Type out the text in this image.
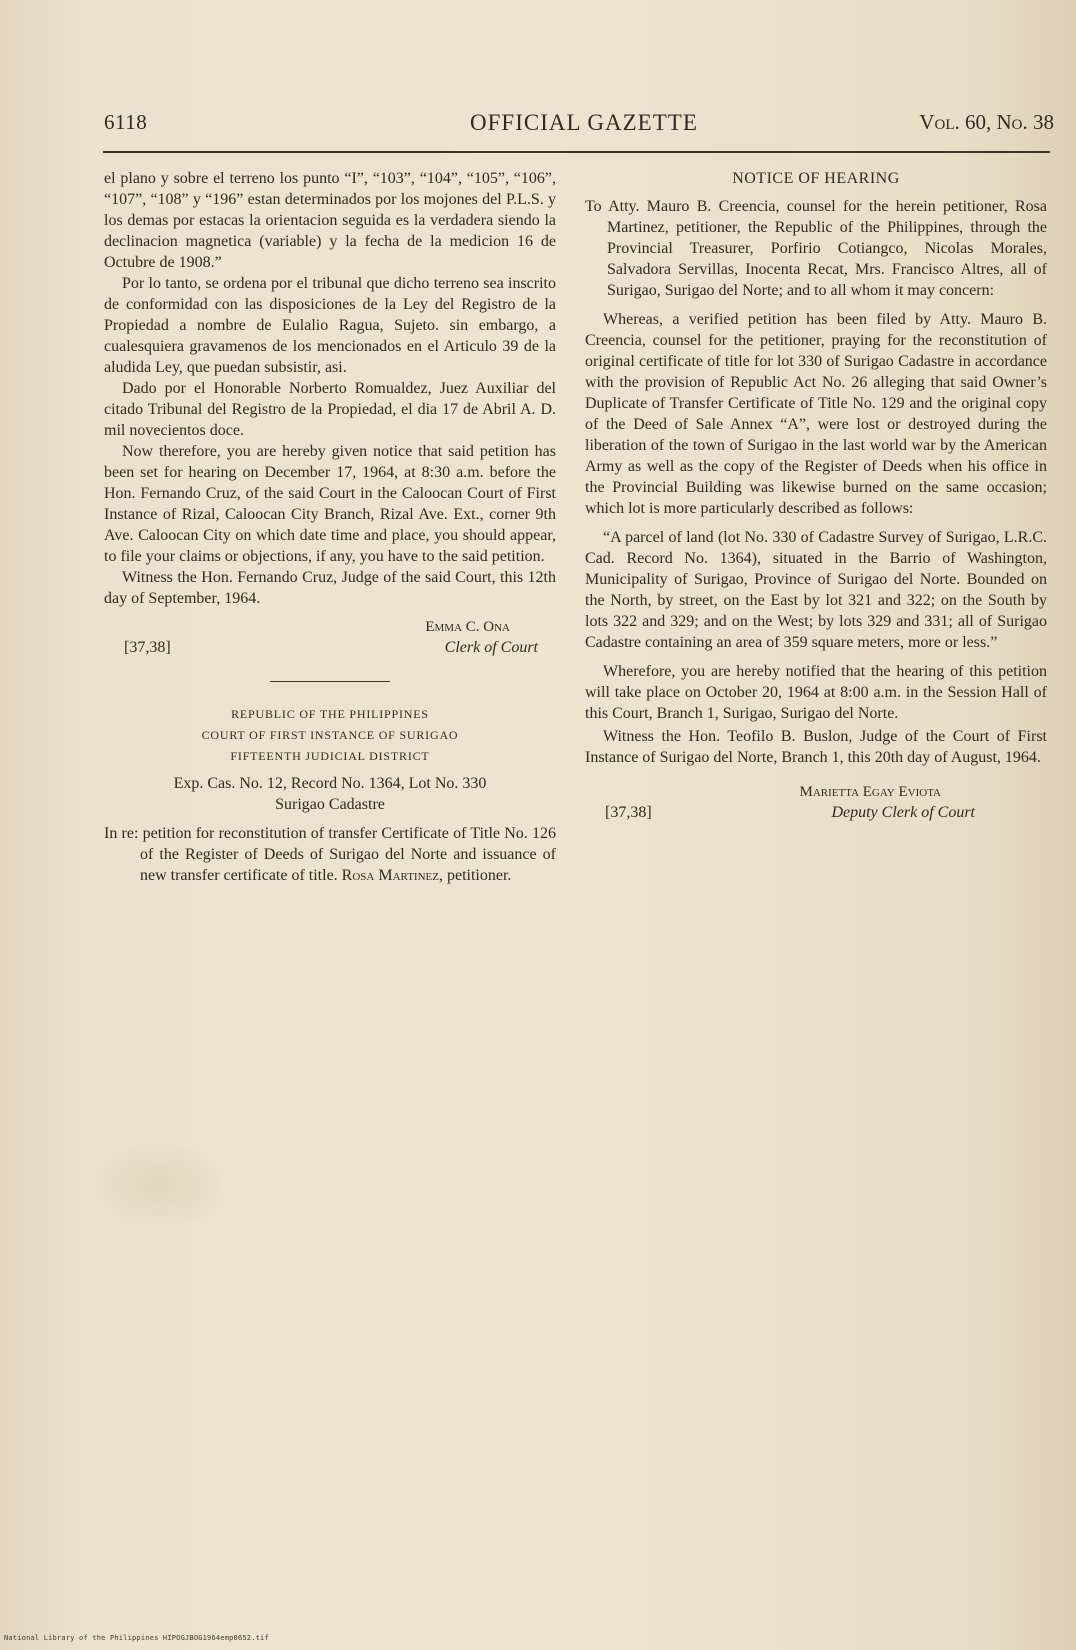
6118	OFFICIAL GAZETTE	Vol. 60, No. 38

el plano y sobre el terreno los punto “I”, “103”, “104”, “105”, “106”, “107”, “108” y “196” estan determinados por los mojones del P.L.S. y los demas por estacas la orientacion seguida es la verdadera siendo la declinacion magnetica (variable) y la fecha de la medicion 16 de Octubre de 1908.”

Por lo tanto, se ordena por el tribunal que dicho terreno sea inscrito de conformidad con las disposiciones de la Ley del Registro de la Propiedad a nombre de Eulalio Ragua, Sujeto. sin embargo, a cualesquiera gravamenos de los mencionados en el Articulo 39 de la aludida Ley, que puedan subsistir, asi.

Dado por el Honorable Norberto Romualdez, Juez Auxiliar del citado Tribunal del Registro de la Propiedad, el dia 17 de Abril A. D. mil novecientos doce.

Now therefore, you are hereby given notice that said petition has been set for hearing on December 17, 1964, at 8:30 a.m. before the Hon. Fernando Cruz, of the said Court in the Caloocan Court of First Instance of Rizal, Caloocan City Branch, Rizal Ave. Ext., corner 9th Ave. Caloocan City on which date time and place, you should appear, to file your claims or objections, if any, you have to the said petition.

Witness the Hon. Fernando Cruz, Judge of the said Court, this 12th day of September, 1964.

Emma C. Ona
[37,38]	Clerk of Court
REPUBLIC OF THE PHILIPPINES
COURT OF FIRST INSTANCE OF SURIGAO
FIFTEENTH JUDICIAL DISTRICT
Exp. Cas. No. 12, Record No. 1364, Lot No. 330
Surigao Cadastre

In re: petition for reconstitution of transfer Certificate of Title No. 126 of the Register of Deeds of Surigao del Norte and issuance of new transfer certificate of title. Rosa Martinez, petitioner.

NOTICE OF HEARING

To Atty. Mauro B. Creencia, counsel for the herein petitioner, Rosa Martinez, petitioner, the Republic of the Philippines, through the Provincial Treasurer, Porfirio Cotiangco, Nicolas Morales, Salvadora Servillas, Inocenta Recat, Mrs. Francisco Altres, all of Surigao, Surigao del Norte; and to all whom it may concern:

Whereas, a verified petition has been filed by Atty. Mauro B. Creencia, counsel for the petitioner, praying for the reconstitution of original certificate of title for lot 330 of Surigao Cadastre in accordance with the provision of Republic Act No. 26 alleging that said Owner’s Duplicate of Transfer Certificate of Title No. 129 and the original copy of the Deed of Sale Annex “A”, were lost or destroyed during the liberation of the town of Surigao in the last world war by the American Army as well as the copy of the Register of Deeds when his office in the Provincial Building was likewise burned on the same occasion; which lot is more particularly described as follows:

“A parcel of land (lot No. 330 of Cadastre Survey of Surigao, L.R.C. Cad. Record No. 1364), situated in the Barrio of Washington, Municipality of Surigao, Province of Surigao del Norte. Bounded on the North, by street, on the East by lot 321 and 322; on the South by lots 322 and 329; and on the West; by lots 329 and 331; all of Surigao Cadastre containing an area of 359 square meters, more or less.”

Wherefore, you are hereby notified that the hearing of this petition will take place on October 20, 1964 at 8:00 a.m. in the Session Hall of this Court, Branch 1, Surigao, Surigao del Norte.

Witness the Hon. Teofilo B. Buslon, Judge of the Court of First Instance of Surigao del Norte, Branch 1, this 20th day of August, 1964.

Marietta Egay Eviota
[37,38]	Deputy Clerk of Court
National Library of the Philippines HIPOGJBOG1964emp0652.tif
